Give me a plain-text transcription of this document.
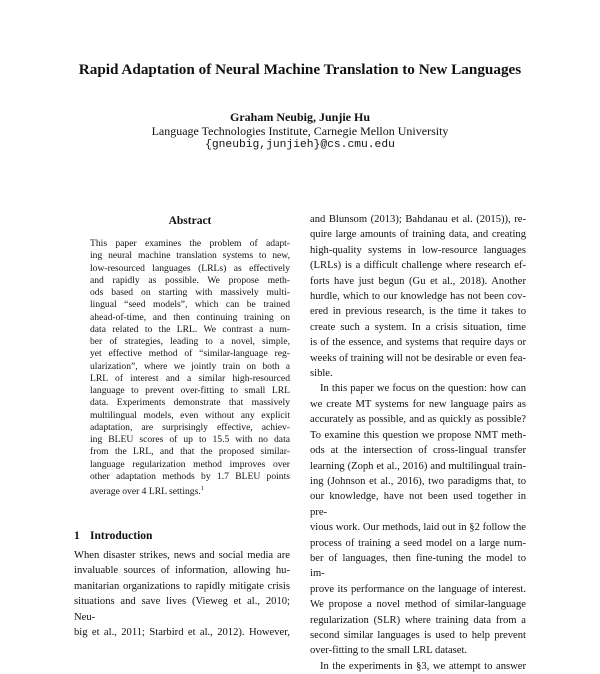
Rapid Adaptation of Neural Machine Translation to New Languages
Graham Neubig, Junjie Hu
Language Technologies Institute, Carnegie Mellon University
{gneubig,junjieh}@cs.cmu.edu
Abstract
This paper examines the problem of adapt-
ing neural machine translation systems to new,
low-resourced languages (LRLs) as effectively
and rapidly as possible. We propose meth-
ods based on starting with massively multi-
lingual “seed models”, which can be trained
ahead-of-time, and then continuing training on
data related to the LRL. We contrast a num-
ber of strategies, leading to a novel, simple,
yet effective method of “similar-language reg-
ularization”, where we jointly train on both a
LRL of interest and a similar high-resourced
language to prevent over-fitting to small LRL
data. Experiments demonstrate that massively
multilingual models, even without any explicit
adaptation, are surprisingly effective, achiev-
ing BLEU scores of up to 15.5 with no data
from the LRL, and that the proposed similar-
language regularization method improves over
other adaptation methods by 1.7 BLEU points
average over 4 LRL settings.$^1$
1 Introduction
When disaster strikes, news and social media are
invaluable sources of information, allowing hu-
manitarian organizations to rapidly mitigate crisis
situations and save lives (Vieweg et al., 2010; Neu-
big et al., 2011; Starbird et al., 2012). However,
and Blunsom (2013); Bahdanau et al. (2015)), re-
quire large amounts of training data, and creating
high-quality systems in low-resource languages
(LRLs) is a difficult challenge where research ef-
forts have just begun (Gu et al., 2018). Another
hurdle, which to our knowledge has not been cov-
ered in previous research, is the time it takes to
create such a system. In a crisis situation, time
is of the essence, and systems that require days or
weeks of training will not be desirable or even fea-
sible.
In this paper we focus on the question: how can
we create MT systems for new language pairs as
accurately as possible, and as quickly as possible?
To examine this question we propose NMT meth-
ods at the intersection of cross-lingual transfer
learning (Zoph et al., 2016) and multilingual train-
ing (Johnson et al., 2016), two paradigms that, to
our knowledge, have not been used together in pre-
vious work. Our methods, laid out in §2 follow the
process of training a seed model on a large num-
ber of languages, then fine-tuning the model to im-
prove its performance on the language of interest.
We propose a novel method of similar-language
regularization (SLR) where training data from a
second similar languages is used to help prevent
over-fitting to the small LRL dataset.
In the experiments in §3, we attempt to answer
